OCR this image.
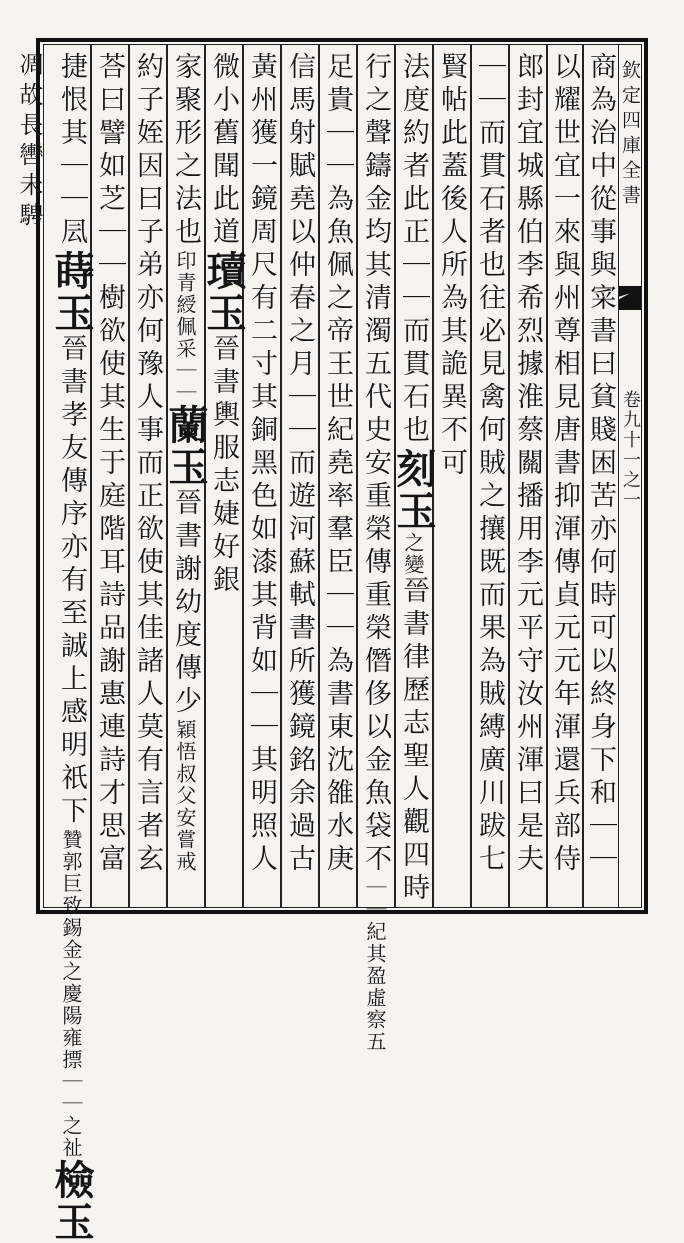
欽定四庫全書
卷九十一之一
商為治中從事與寀書曰貧賤困苦亦何時可以終身下和｜｜
以耀世宜一來與州尊相見唐書抑渾傳貞元元年渾還兵部侍
郎封宜城縣伯李希烈據淮蔡關播用李元平守汝州渾曰是夫
｜｜而貫石者也往必見禽何賊之攘既而果為賊縛廣川跋七
賢帖此蓋後人所為其詭異不可
法度約者此正｜｜而貫石也刻玉之變晉書律歷志聖人觀四時
行之聲鑄金均其清濁五代史安重榮傳重榮僭侈以金魚袋不｜｜紀其盈虛察五
足貴｜｜為魚佩之帝王世紀堯率羣臣｜｜為書東沈雒水庚
信馬射賦堯以仲春之月｜｜而遊河蘇軾書所獲鏡銘余過古
黃州獲一鏡周尺有二寸其銅黑色如漆其背如｜｜其明照人
微小舊聞此道瓄玉晉書輿服志婕好銀
家聚形之法也印青綬佩采｜｜蘭玉晉書謝幼度傳少穎悟叔父安嘗戒
約子姪因曰子弟亦何豫人事而正欲使其佳諸人莫有言者玄
荅曰譬如芝｜｜樹欲使其生于庭階耳詩品謝惠連詩才思富
捷恨其｜｜凨蒔玉晉書孝友傳序亦有至誠上感明祇下贊郭巨致錫金之慶陽雍摽｜｜之祉檢玉
凋故長轡未騁
